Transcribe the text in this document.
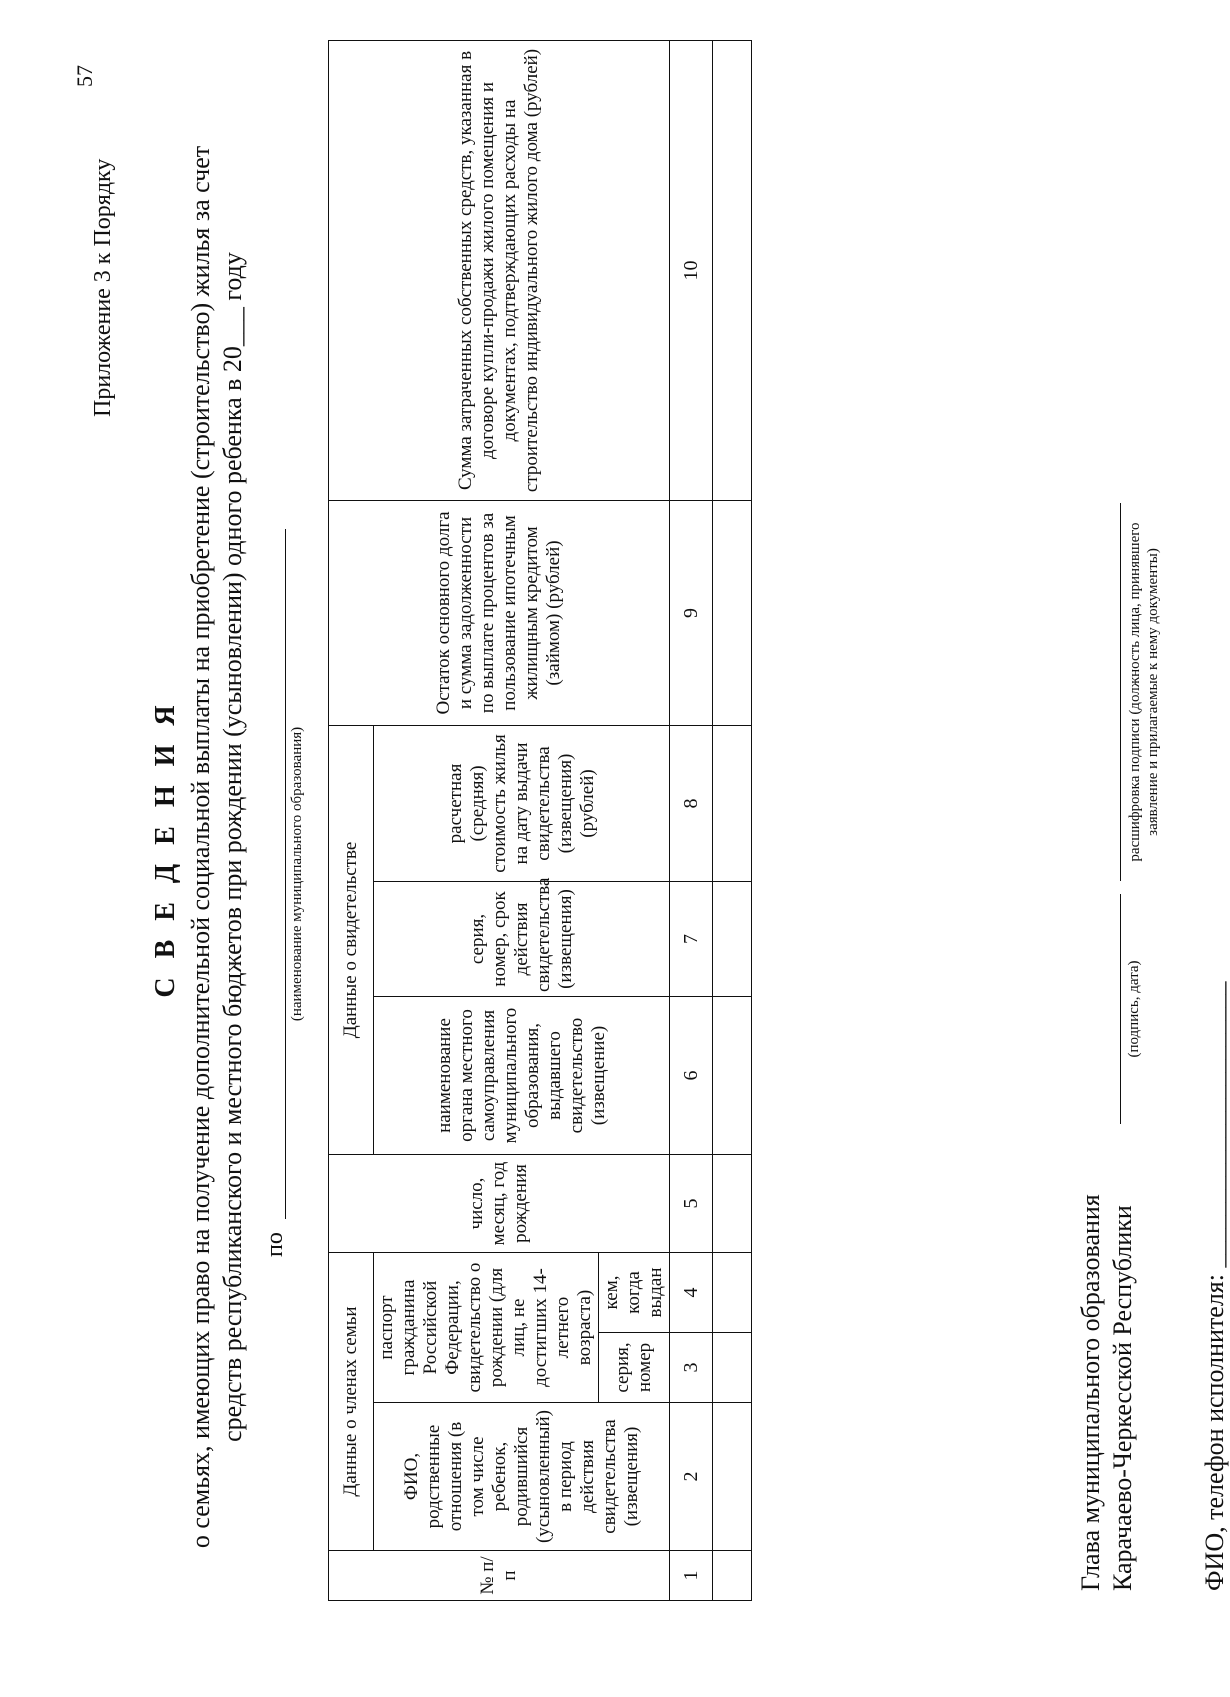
57
Приложение 3 к Порядку
С В Е Д Е Н И Я о семьях, имеющих право на получение дополнительной социальной выплаты на приобретение (строительство) жилья за счет средств республиканского и местного бюджетов при рождении (усыновлении) одного ребенка в 20___ году по
(наименование муниципального образования)
№ п/п	Данные о членах семьи			число, месяц, год рождения	Данные о свидетельстве			Остаток основного долга и сумма задолженности по выплате процентов за пользование ипотечным жилищным кредитом (займом) (рублей)	Сумма затраченных собственных средств, указанная в договоре купли-продажи жилого помещения и документах, подтверждающих расходы на строительство индивидуального жилого дома (рублей)
	ФИО, родственные отношения (в том числе ребенок, родившийся (усыновленный) в период действия свидетельства (извещения)	паспорт гражданина Российской Федерации, свидетельство о рождении (для лиц, не достигших 14-летнего возраста)			наименование органа местного самоуправления муниципального образования, выдавшего свидетельство (извещение)	серия, номер, срок действия свидетельства (извещения)	расчетная (средняя) стоимость жилья на дату выдачи свидетельства (извещения) (рублей)		
		серия, номер	кем, когда выдан						
1	2	3	4	5	6	7	8	9	10

Глава муниципального образования Карачаево-Черкесской Республики
(подпись, дата)
расшифровка подписи (должность лица, принявшего заявление и прилагаемые к нему документы)
ФИО, телефон исполнителя: ______________________
